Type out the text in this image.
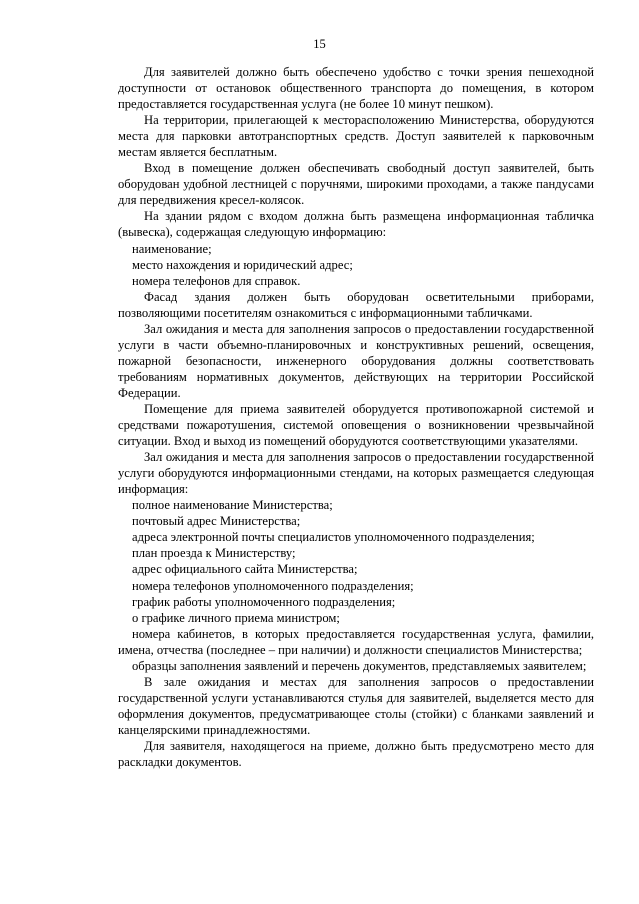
15

Для заявителей должно быть обеспечено удобство с точки зрения пешеходной доступности от остановок общественного транспорта до помещения, в котором предоставляется государственная услуга (не более 10 минут пешком).

На территории, прилегающей к месторасположению Министерства, оборудуются места для парковки автотранспортных средств. Доступ заявителей к парковочным местам является бесплатным.

Вход в помещение должен обеспечивать свободный доступ заявителей, быть оборудован удобной лестницей с поручнями, широкими проходами, а также пандусами для передвижения кресел-колясок.

На здании рядом с входом должна быть размещена информационная табличка (вывеска), содержащая следующую информацию:

наименование;

место нахождения и юридический адрес;

номера телефонов для справок.

Фасад здания должен быть оборудован осветительными приборами, позволяющими посетителям ознакомиться с информационными табличками.

Зал ожидания и места для заполнения запросов о предоставлении государственной услуги в части объемно-планировочных и конструктивных решений, освещения, пожарной безопасности, инженерного оборудования должны соответствовать требованиям нормативных документов, действующих на территории Российской Федерации.

Помещение для приема заявителей оборудуется противопожарной системой и средствами пожаротушения, системой оповещения о возникновении чрезвычайной ситуации. Вход и выход из помещений оборудуются соответствующими указателями.

Зал ожидания и места для заполнения запросов о предоставлении государственной услуги оборудуются информационными стендами, на которых размещается следующая информация:

полное наименование Министерства;

почтовый адрес Министерства;

адреса электронной почты специалистов уполномоченного подразделения;

план проезда к Министерству;

адрес официального сайта Министерства;

номера телефонов уполномоченного подразделения;

график работы уполномоченного подразделения;

о графике личного приема министром;

номера кабинетов, в которых предоставляется государственная услуга, фамилии, имена, отчества (последнее – при наличии) и должности специалистов Министерства;

образцы заполнения заявлений и перечень документов, представляемых заявителем;

В зале ожидания и местах для заполнения запросов о предоставлении государственной услуги устанавливаются стулья для заявителей, выделяется место для оформления документов, предусматривающее столы (стойки) с бланками заявлений и канцелярскими принадлежностями.

Для заявителя, находящегося на приеме, должно быть предусмотрено место для раскладки документов.
